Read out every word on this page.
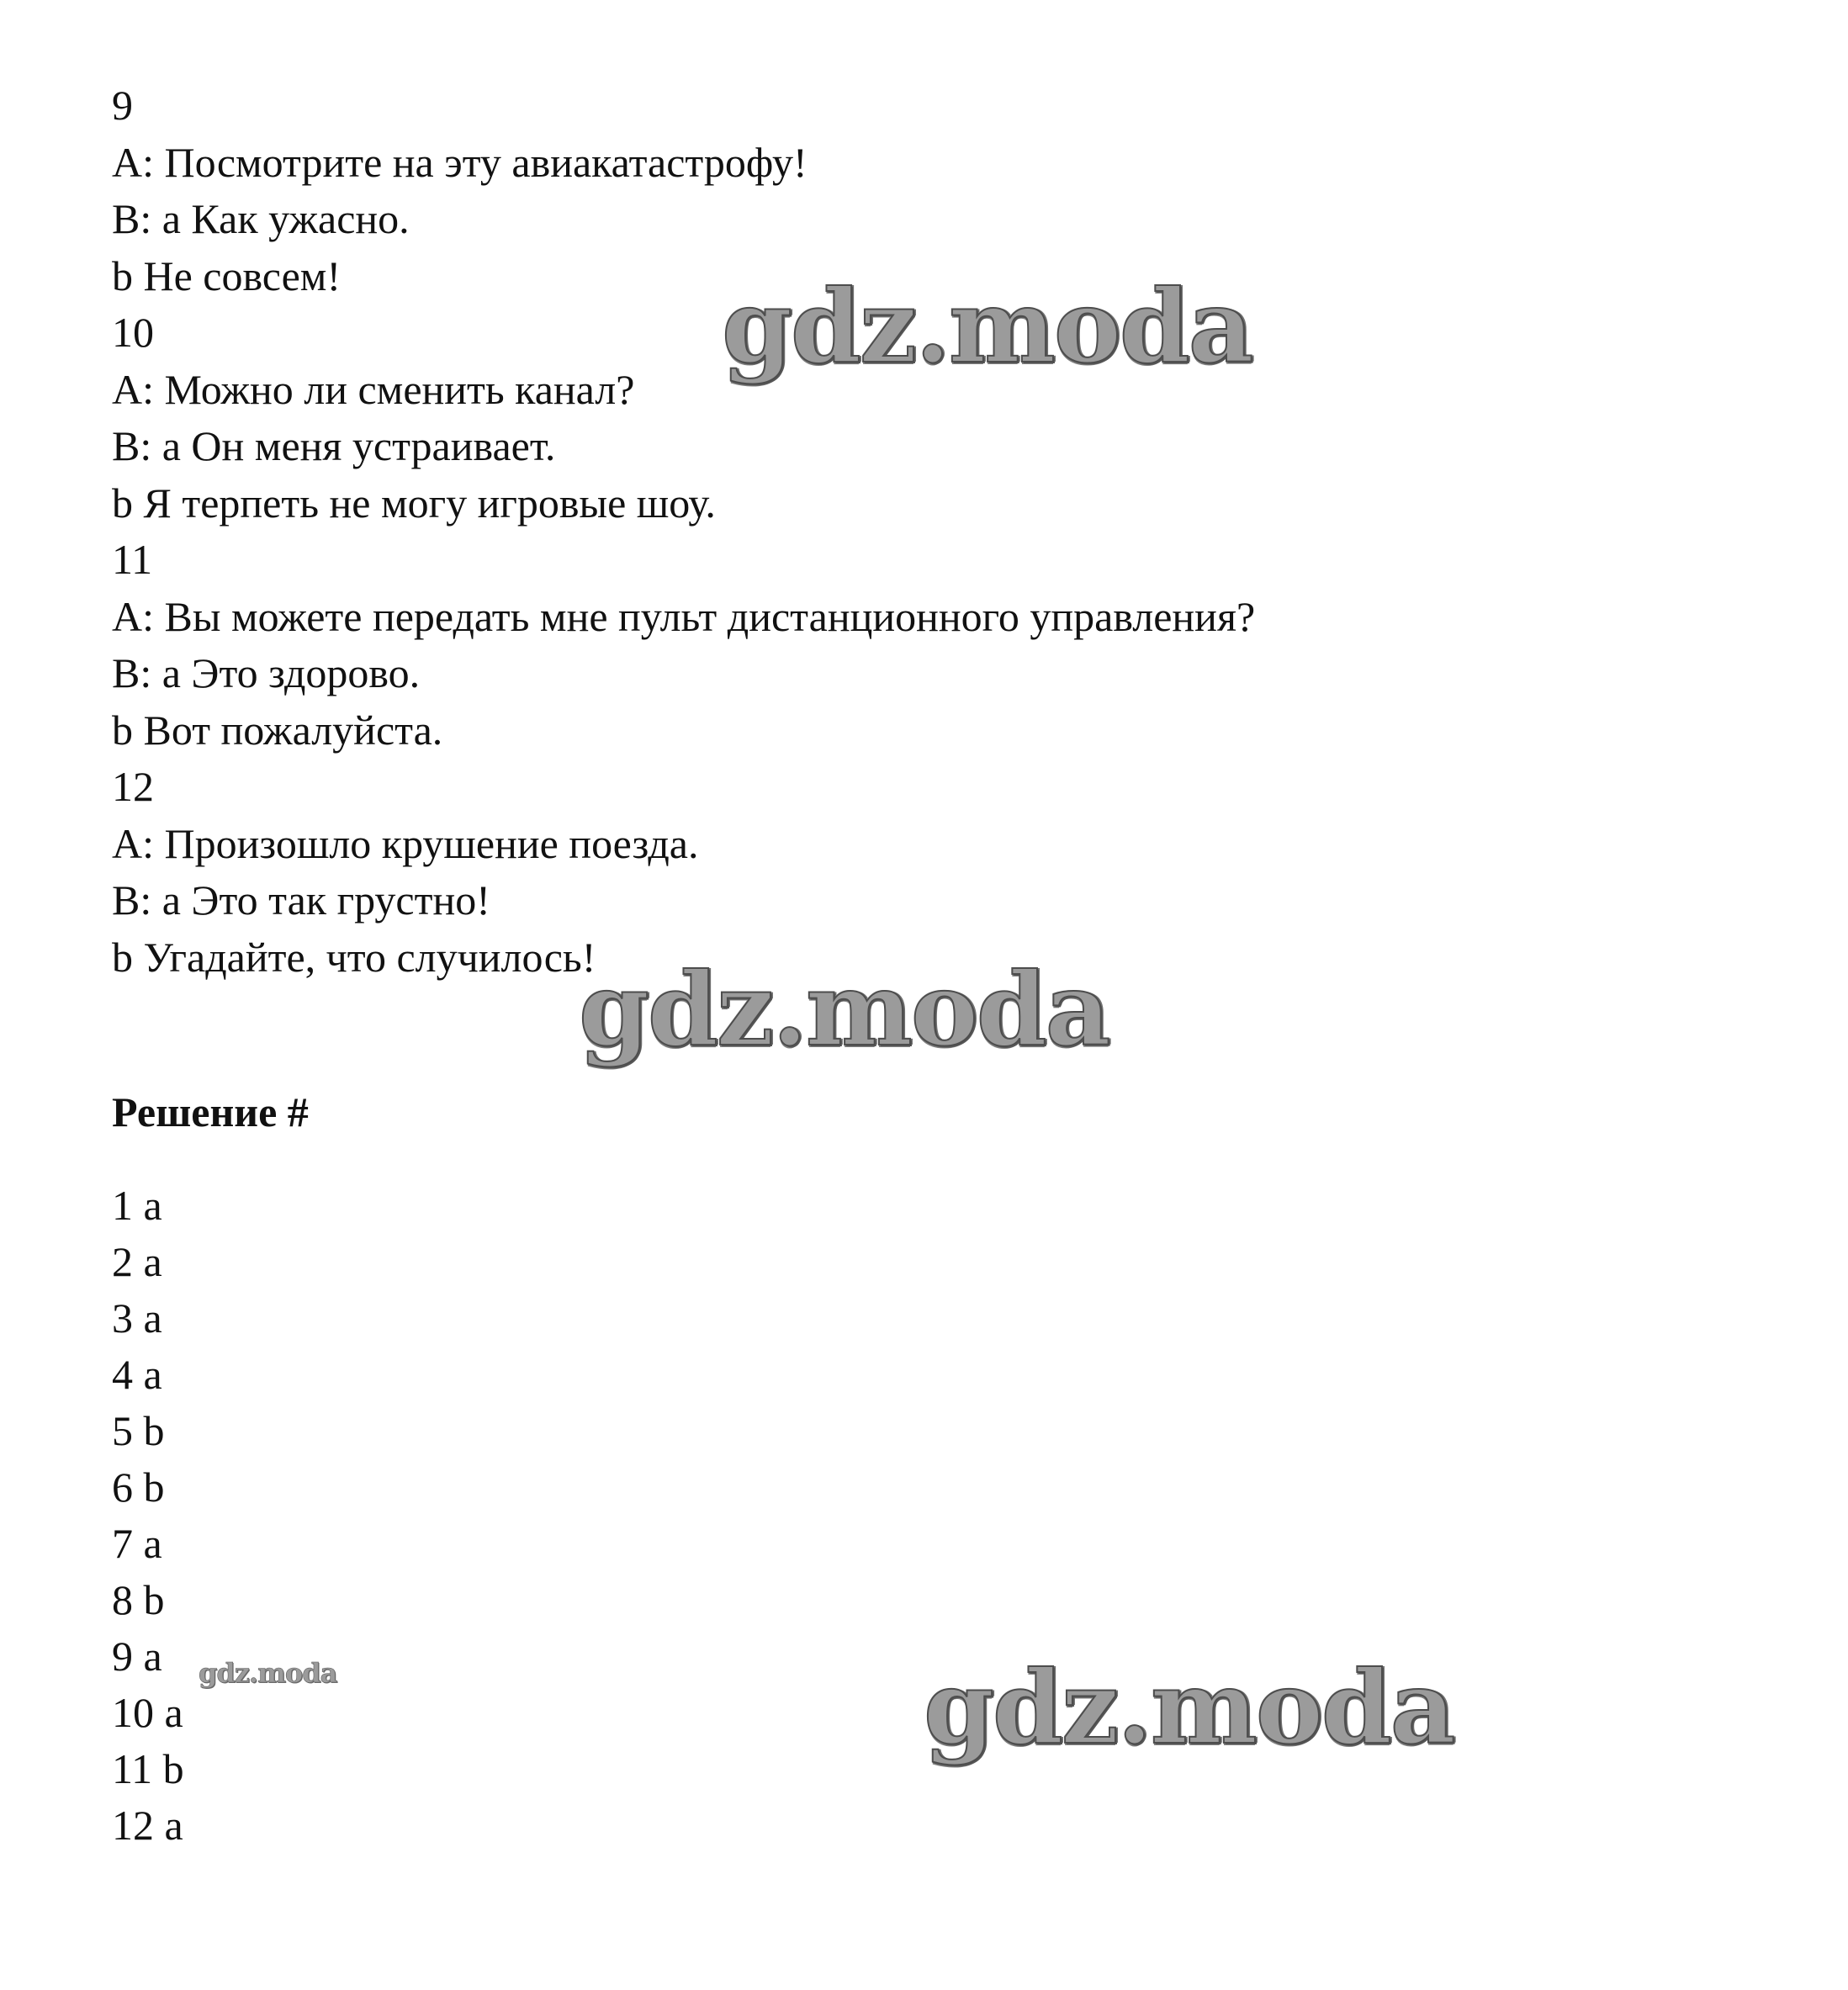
9
A: Посмотрите на эту авиакатастрофу!
B: a Как ужасно.
b Не совсем!
10
A: Можно ли сменить канал?
B: a Он меня устраивает.
b Я терпеть не могу игровые шоу.
11
A: Вы можете передать мне пульт дистанционного управления?
B: a Это здорово.
b Вот пожалуйста.
12
A: Произошло крушение поезда.
B: a Это так грустно!
b Угадайте, что случилось!
Решение #
1 a
2 a
3 a
4 a
5 b
6 b
7 a
8 b
9 a
10 a
11 b
12 a
gdz.moda
gdz.moda
gdz.moda
gdz.moda
